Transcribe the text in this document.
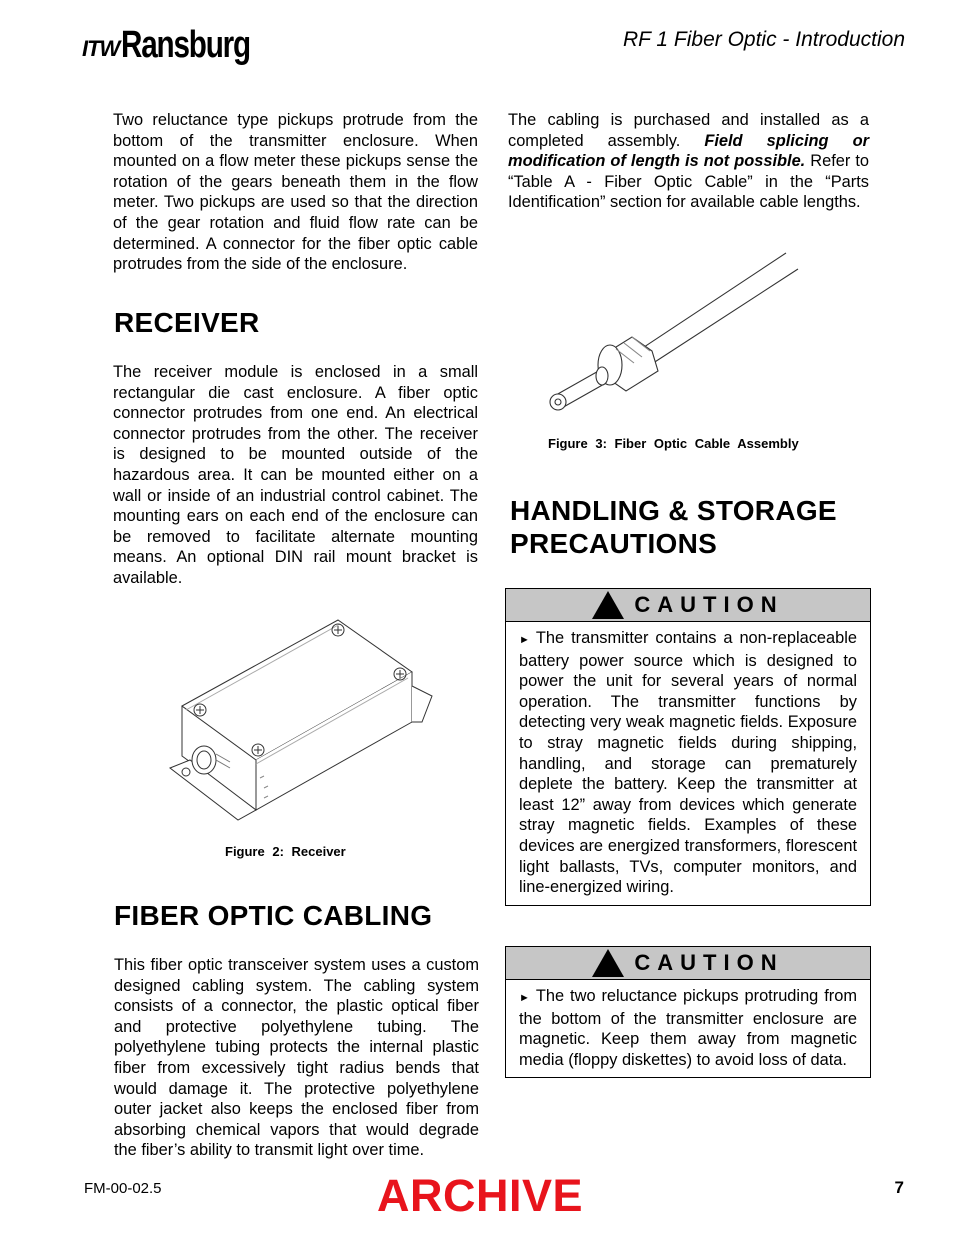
ITW Ransburg	RF 1 Fiber Optic - Introduction

Two reluctance type pickups protrude from the bottom of the transmitter enclosure. When mounted on a flow meter these pickups sense the rotation of the gears beneath them in the flow meter. Two pickups are used so that the direction of the gear rotation and fluid flow rate can be determined. A connector for the fiber optic cable protrudes from the side of the enclosure.

RECEIVER

The receiver module is enclosed in a small rectangular die cast enclosure. A fiber optic connector protrudes from one end. An electrical connector protrudes from the other. The receiver is designed to be mounted outside of the hazardous area. It can be mounted either on a wall or inside of an industrial control cabinet. The mounting ears on each end of the enclosure can be removed to facilitate alternate mounting means. An optional DIN rail mount bracket is available.

Figure 2: Receiver
FIBER OPTIC CABLING

This fiber optic transceiver system uses a custom designed cabling system. The cabling system consists of a connector, the plastic optical fiber and protective polyethylene tubing. The polyethylene tubing protects the internal plastic fiber from excessively tight radius bends that would damage it. The protective polyethylene outer jacket also keeps the enclosed fiber from absorbing chemical vapors that would degrade the fiber’s ability to transmit light over time.

The cabling is purchased and installed as a completed assembly. Field splicing or modification of length is not possible. Refer to “Table A - Fiber Optic Cable” in the “Parts Identification” section for available cable lengths.

Figure 3: Fiber Optic Cable Assembly
HANDLING & STORAGE
PRECAUTIONS
CAUTION
► The transmitter contains a non-replaceable battery power source which is designed to power the unit for several years of normal operation. The transmitter functions by detecting very weak magnetic fields. Exposure to stray magnetic fields during shipping, handling, and storage can prematurely deplete the battery. Keep the transmitter at least 12” away from devices which generate stray magnetic fields. Examples of these devices are energized transformers, florescent light ballasts, TVs, computer monitors, and line-energized wiring.
CAUTION
► The two reluctance pickups protruding from the bottom of the transmitter enclosure are magnetic. Keep them away from magnetic media (floppy diskettes) to avoid loss of data.
FM-00-02.5	ARCHIVE	7
